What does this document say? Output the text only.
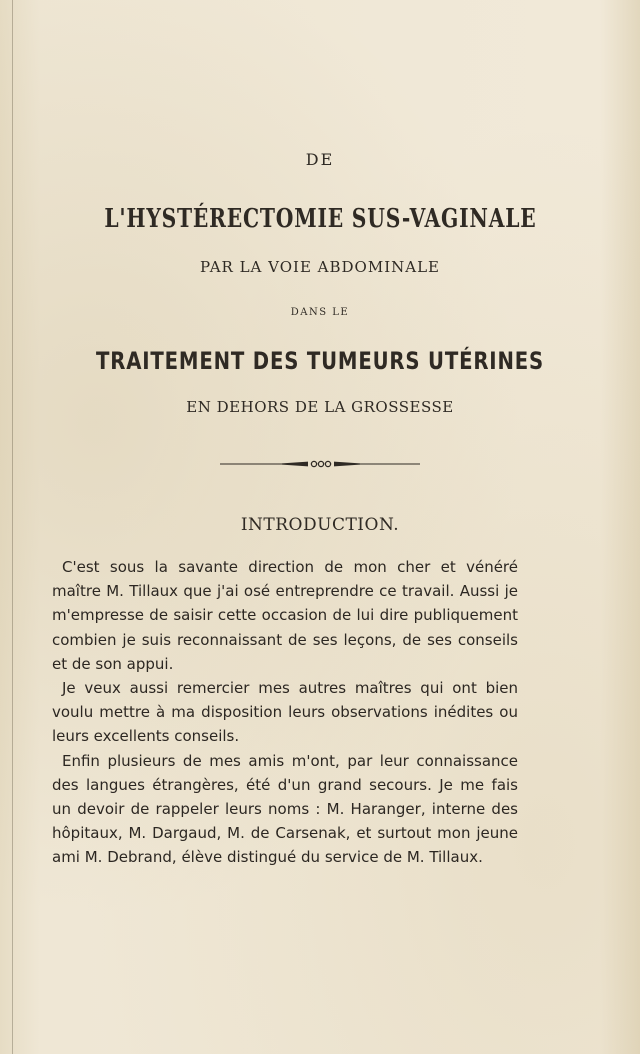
DE
L'HYSTÉRECTOMIE SUS-VAGINALE
PAR LA VOIE ABDOMINALE
DANS LE
TRAITEMENT DES TUMEURS UTÉRINES
EN DEHORS DE LA GROSSESSE
INTRODUCTION.

C'est sous la savante direction de mon cher et vénéré maître M. Tillaux que j'ai osé entreprendre ce travail. Aussi je m'empresse de saisir cette occasion de lui dire publiquement combien je suis reconnaissant de ses leçons, de ses conseils et de son appui.

Je veux aussi remercier mes autres maîtres qui ont bien voulu mettre à ma disposition leurs observations inédites ou leurs excellents conseils.

Enfin plusieurs de mes amis m'ont, par leur connaissance des langues étrangères, été d'un grand secours. Je me fais un devoir de rappeler leurs noms : M. Haranger, interne des hôpitaux, M. Dargaud, M. de Carsenak, et surtout mon jeune ami M. Debrand, élève distingué du service de M. Tillaux.
